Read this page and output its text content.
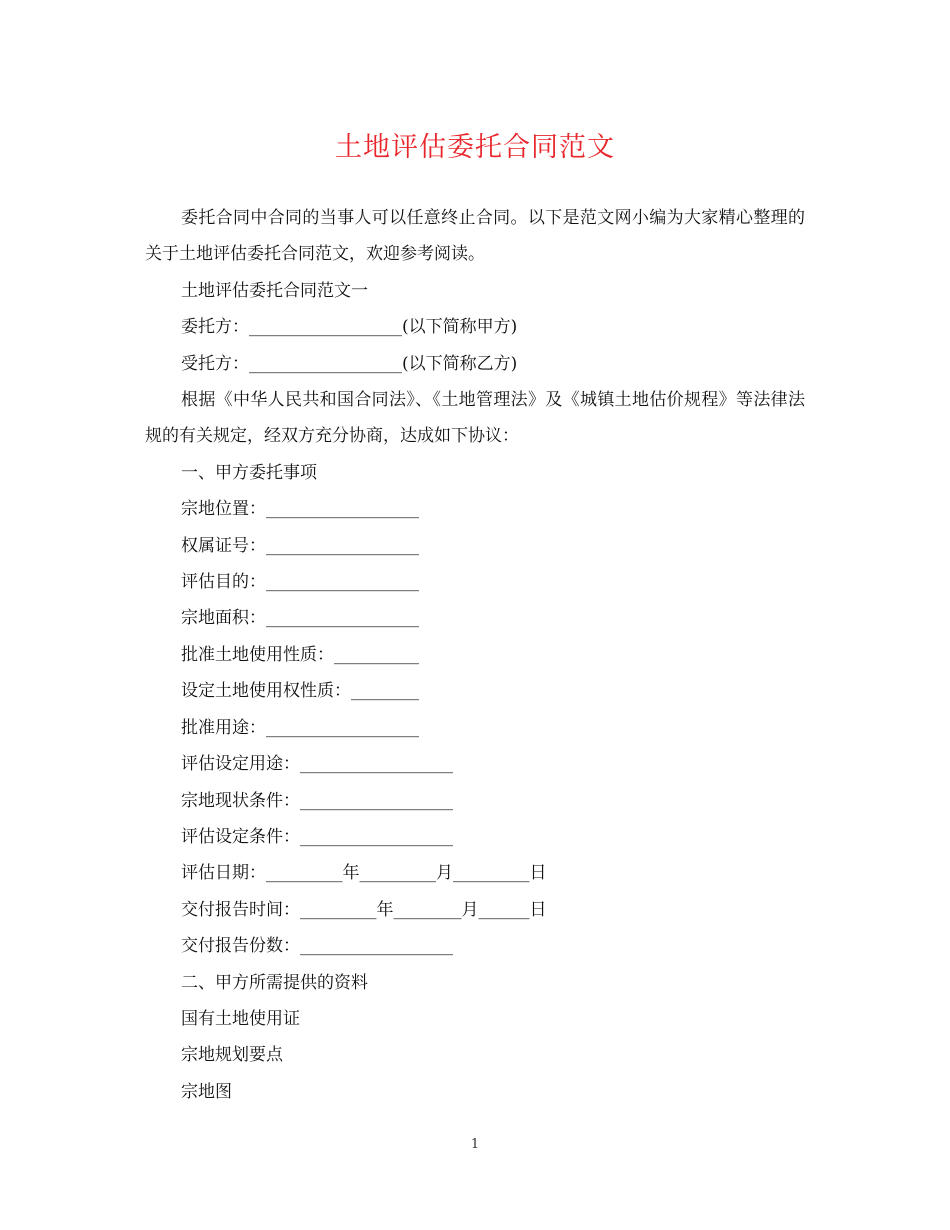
土地评估委托合同范文

委托合同中合同的当事人可以任意终止合同。以下是范文网小编为大家精心整理的关于土地评估委托合同范文，欢迎参考阅读。

土地评估委托合同范文一

委托方：__________________(以下简称甲方)

受托方：__________________(以下简称乙方)

根据《中华人民共和国合同法》、《土地管理法》及《城镇土地估价规程》等法律法规的有关规定，经双方充分协商，达成如下协议：

一、甲方委托事项

宗地位置：__________________

权属证号：__________________

评估目的：__________________

宗地面积：__________________

批准土地使用性质：__________

设定土地使用权性质：________

批准用途：__________________

评估设定用途：__________________

宗地现状条件：__________________

评估设定条件：__________________

评估日期：_________年_________月_________日

交付报告时间：_________年________月______日

交付报告份数：__________________

二、甲方所需提供的资料

国有土地使用证

宗地规划要点

宗地图

1
